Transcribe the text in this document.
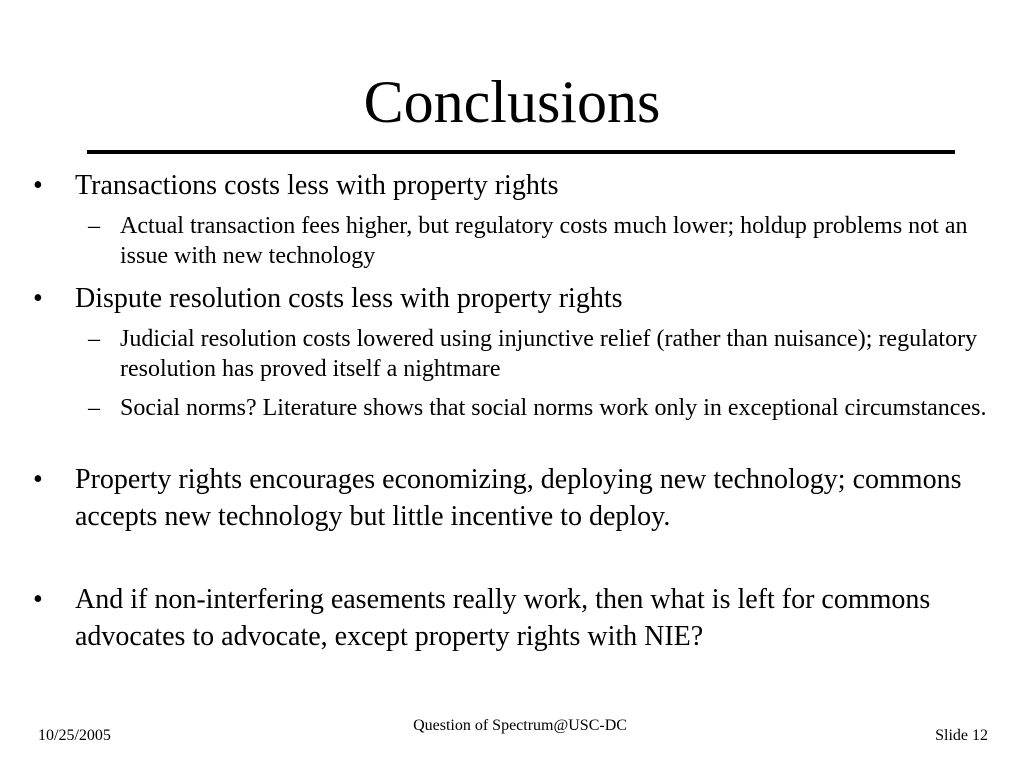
Conclusions
• Transactions costs less with property rights
– Actual transaction fees higher, but regulatory costs much lower; holdup problems not an issue with new technology
• Dispute resolution costs less with property rights
– Judicial resolution costs lowered using injunctive relief (rather than nuisance); regulatory resolution has proved itself a nightmare
– Social norms? Literature shows that social norms work only in exceptional circumstances.
• Property rights encourages economizing, deploying new technology; commons accepts new technology but little incentive to deploy.
• And if non-interfering easements really work, then what is left for commons advocates to advocate, except property rights with NIE?
10/25/2005
Question of Spectrum@USC-DC
Slide 12
